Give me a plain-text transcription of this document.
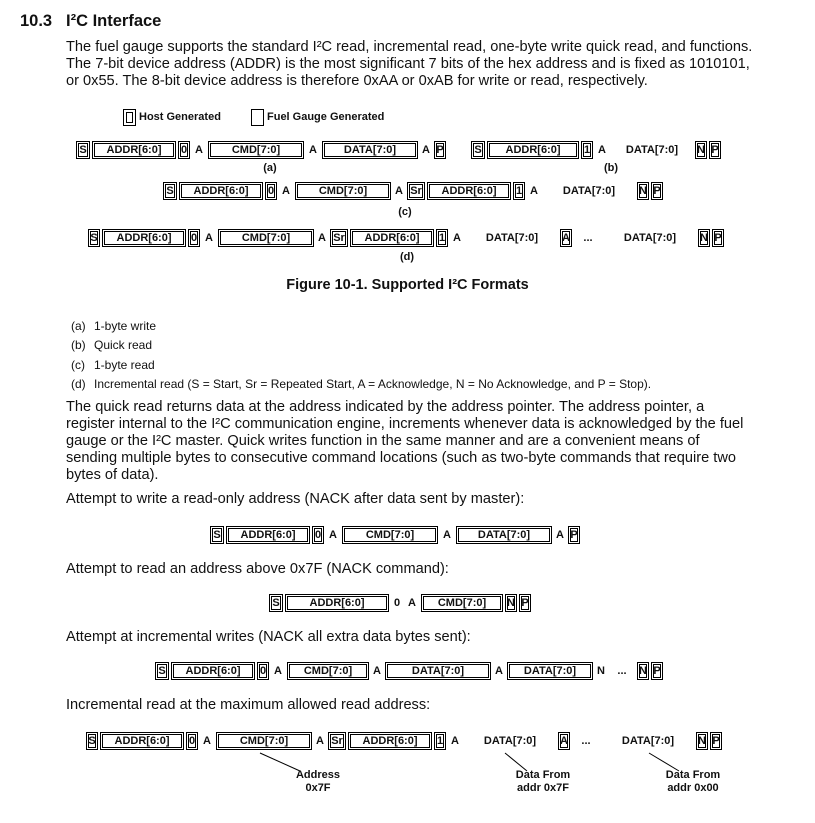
10.3 I²C Interface
The fuel gauge supports the standard I²C read, incremental read, one-byte write quick read, and functions.
The 7-bit device address (ADDR) is the most significant 7 bits of the hex address and is fixed as 1010101,
or 0x55. The 8-bit device address is therefore 0xAA or 0xAB for write or read, respectively.
Host Generated	Fuel Gauge Generated
S	ADDR[6:0]	0 A	CMD[7:0]	A	DATA[7:0]	A P	S	ADDR[6:0]	1 A	DATA[7:0]	N P
(a)	(b)
S	ADDR[6:0]	0 A	CMD[7:0]	A Sr	ADDR[6:0]	1 A	DATA[7:0]	N P
(c)
S	ADDR[6:0]	0 A	CMD[7:0]	A Sr	ADDR[6:0]	1 A	DATA[7:0]	A	...	DATA[7:0]	N P
(d)
Figure 10-1. Supported I²C Formats
(a) 1-byte write
(b) Quick read
(c) 1-byte read
(d) Incremental read (S = Start, Sr = Repeated Start, A = Acknowledge, N = No Acknowledge, and P = Stop).
The quick read returns data at the address indicated by the address pointer. The address pointer, a
register internal to the I²C communication engine, increments whenever data is acknowledged by the fuel
gauge or the I²C master. Quick writes function in the same manner and are a convenient means of
sending multiple bytes to consecutive command locations (such as two-byte commands that require two
bytes of data).
Attempt to write a read-only address (NACK after data sent by master):
S	ADDR[6:0]	0 A	CMD[7:0]	A	DATA[7:0]	A P
Attempt to read an address above 0x7F (NACK command):
S	ADDR[6:0]	0 A	CMD[7:0]	N P
Attempt at incremental writes (NACK all extra data bytes sent):
S	ADDR[6:0]	0 A	CMD[7:0]	A	DATA[7:0]	A	DATA[7:0]	N	...	N P
Incremental read at the maximum allowed read address:
S	ADDR[6:0]	0 A	CMD[7:0]	A Sr	ADDR[6:0]	1 A	DATA[7:0]	A	...	DATA[7:0]	N P
Address 0x7F
Data From addr 0x7F
Data From addr 0x00
